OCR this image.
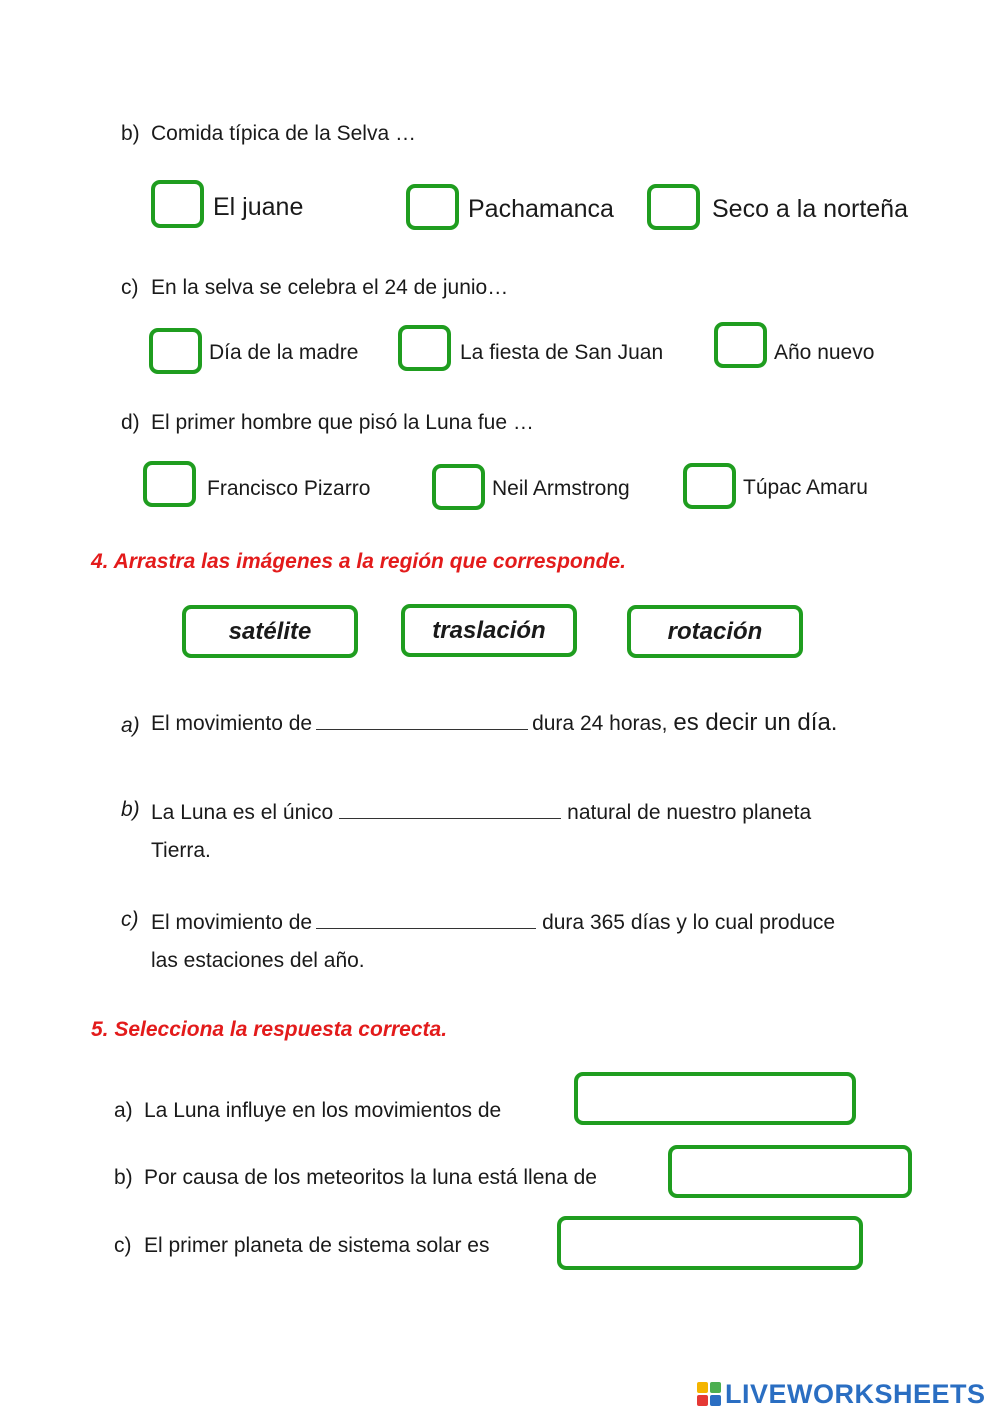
b) Comida típica de la Selva …
El juane	Pachamanca	Seco a la norteña
c) En la selva se celebra el 24 de junio…
Día de la madre	La fiesta de San Juan	Año nuevo
d) El primer hombre que pisó la Luna fue …
Francisco Pizarro	Neil Armstrong	Túpac Amaru
4. Arrastra las imágenes a la región que corresponde.
satélite	traslación	rotación
a) El movimiento de	dura 24 horas, es decir un día.
b) La Luna es el único	natural de nuestro planeta
Tierra.
c) El movimiento de	dura 365 días y lo cual produce
las estaciones del año.
5. Selecciona la respuesta correcta.
a) La Luna influye en los movimientos de
b) Por causa de los meteoritos la luna está llena de
c) El primer planeta de sistema solar es
LIVEWORKSHEETS
